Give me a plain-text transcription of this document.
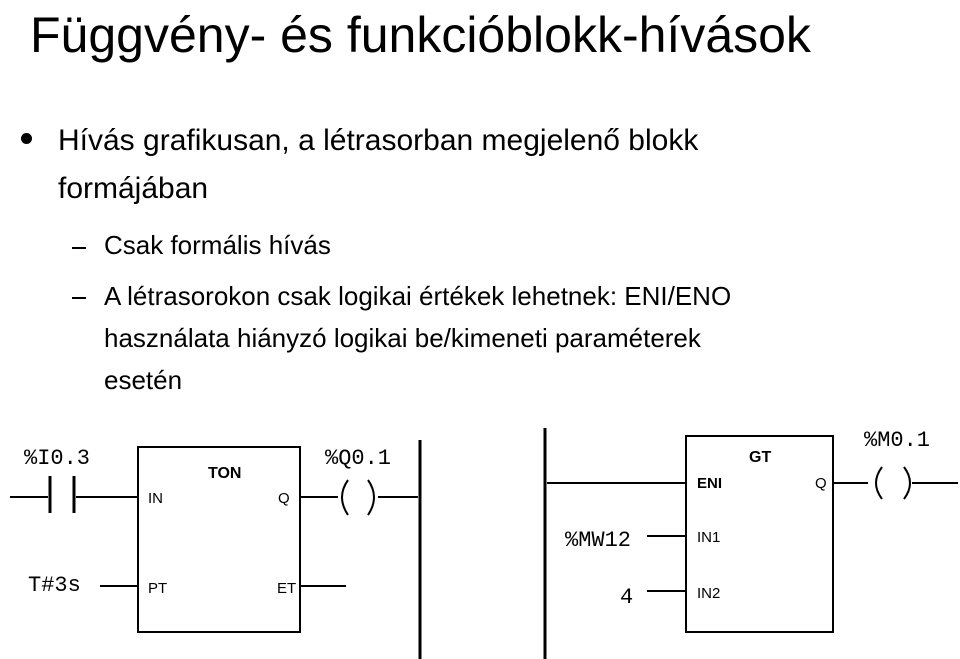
Függvény- és funkcióblokk-hívások
Hívás grafikusan, a létrasorban megjelenő blokk
formájában
Csak formális hívás
A létrasorokon csak logikai értékek lehetnek: ENI/ENO
használata hiányzó logikai be/kimeneti paraméterek
esetén
%I0.3
TON
IN	Q
PT	ET
T#3s
%Q0.1	GT
ENI	Q
IN1
IN2
%MW12
4
%M0.1
